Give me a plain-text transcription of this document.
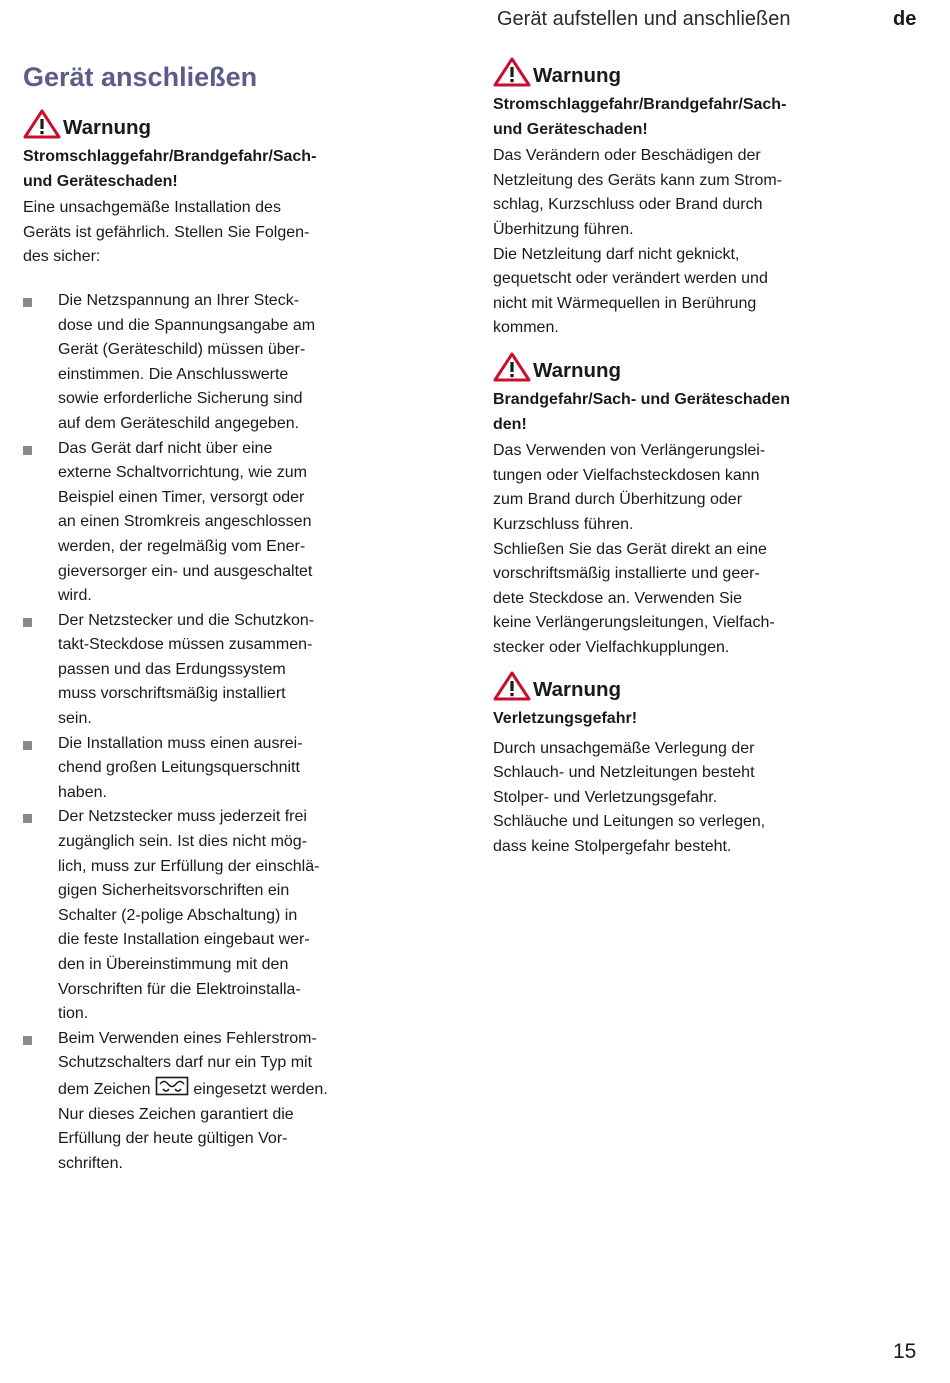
Gerät aufstellen und anschließen	de
Gerät anschließen
Warnung
Stromschlaggefahr/Brandgefahr/Sach-
und Geräteschaden!
Eine unsachgemäße Installation des
Geräts ist gefährlich. Stellen Sie Folgen-
des sicher:
Die Netzspannung an Ihrer Steck-
dose und die Spannungsangabe am
Gerät (Geräteschild) müssen über-
einstimmen. Die Anschlusswerte
sowie erforderliche Sicherung sind
auf dem Geräteschild angegeben.
Das Gerät darf nicht über eine
externe Schaltvorrichtung, wie zum
Beispiel einen Timer, versorgt oder
an einen Stromkreis angeschlossen
werden, der regelmäßig vom Ener-
gieversorger ein- und ausgeschaltet
wird.
Der Netzstecker und die Schutzkon-
takt-Steckdose müssen zusammen-
passen und das Erdungssystem
muss vorschriftsmäßig installiert
sein.
Die Installation muss einen ausrei-
chend großen Leitungsquerschnitt
haben.
Der Netzstecker muss jederzeit frei
zugänglich sein. Ist dies nicht mög-
lich, muss zur Erfüllung der einschlä-
gigen Sicherheitsvorschriften ein
Schalter (2-polige Abschaltung) in
die feste Installation eingebaut wer-
den in Übereinstimmung mit den
Vorschriften für die Elektroinstalla-
tion.
Beim Verwenden eines Fehlerstrom-
Schutzschalters darf nur ein Typ mit
dem Zeichen  eingesetzt werden.
Nur dieses Zeichen garantiert die
Erfüllung der heute gültigen Vor-
schriften.
Warnung
Stromschlaggefahr/Brandgefahr/Sach-
und Geräteschaden!
Das Verändern oder Beschädigen der
Netzleitung des Geräts kann zum Strom-
schlag, Kurzschluss oder Brand durch
Überhitzung führen.
Die Netzleitung darf nicht geknickt,
gequetscht oder verändert werden und
nicht mit Wärmequellen in Berührung
kommen.
Warnung
Brandgefahr/Sach- und Geräteschaden
den!
Das Verwenden von Verlängerungslei-
tungen oder Vielfachsteckdosen kann
zum Brand durch Überhitzung oder
Kurzschluss führen.
Schließen Sie das Gerät direkt an eine
vorschriftsmäßig installierte und geer-
dete Steckdose an. Verwenden Sie
keine Verlängerungsleitungen, Vielfach-
stecker oder Vielfachkupplungen.
Warnung
Verletzungsgefahr!
Durch unsachgemäße Verlegung der
Schlauch- und Netzleitungen besteht
Stolper- und Verletzungsgefahr.
Schläuche und Leitungen so verlegen,
dass keine Stolpergefahr besteht.
15
